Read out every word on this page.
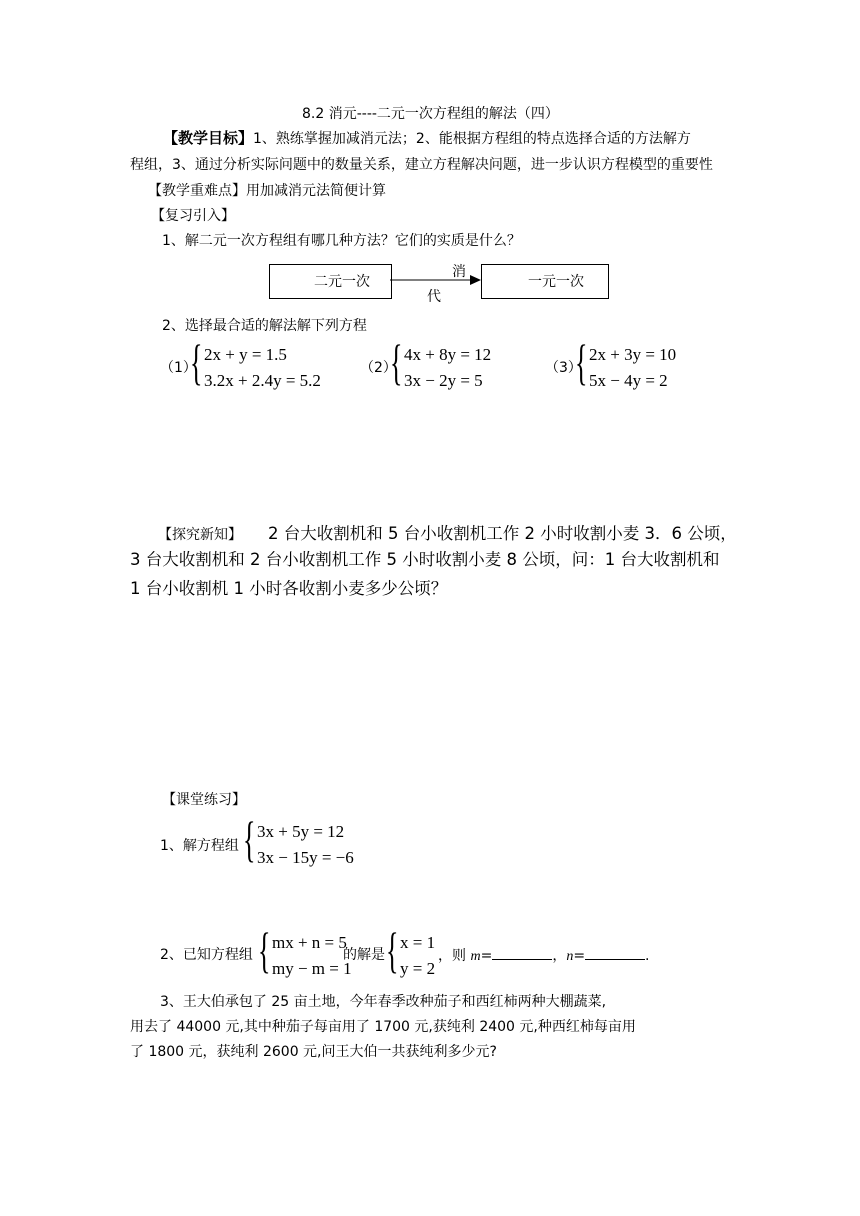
8.2 消元----二元一次方程组的解法（四）
【教学目标】1、熟练掌握加减消元法；2、能根据方程组的特点选择合适的方法解方
程组，3、通过分析实际问题中的数量关系，建立方程解决问题，进一步认识方程模型的重要性
【教学重难点】用加减消元法简便计算
【复习引入】
1、解二元一次方程组有哪几种方法？它们的实质是什么？
二元一次	一元一次
消
代
2、选择最合适的解法解下列方程
（1）
{ 2x + y = 1.5
3.2x + 2.4y = 5.2
（2）
{ 4x + 8y = 12
3x − 2y = 5
（3）
{ 2x + 3y = 10
5x − 4y = 2
【探究新知】 2 台大收割机和 5 台小收割机工作 2 小时收割小麦 3．6 公顷，
3 台大收割机和 2 台小收割机工作 5 小时收割小麦 8 公顷，问：1 台大收割机和
1 台小收割机 1 小时各收割小麦多少公顷？
【课堂练习】
1、解方程组 { 3x + 5y = 12
3x − 15y = −6
2、已知方程组 { mx + n = 5
my − m = 1
的解是 { x = 1
y = 2
，则 m=	，n=	.
3、王大伯承包了 25 亩土地，今年春季改种茄子和西红柿两种大棚蔬菜,
用去了 44000 元,其中种茄子每亩用了 1700 元,获纯利 2400 元,种西红柿每亩用
了 1800 元，获纯利 2600 元,问王大伯一共获纯利多少元?
